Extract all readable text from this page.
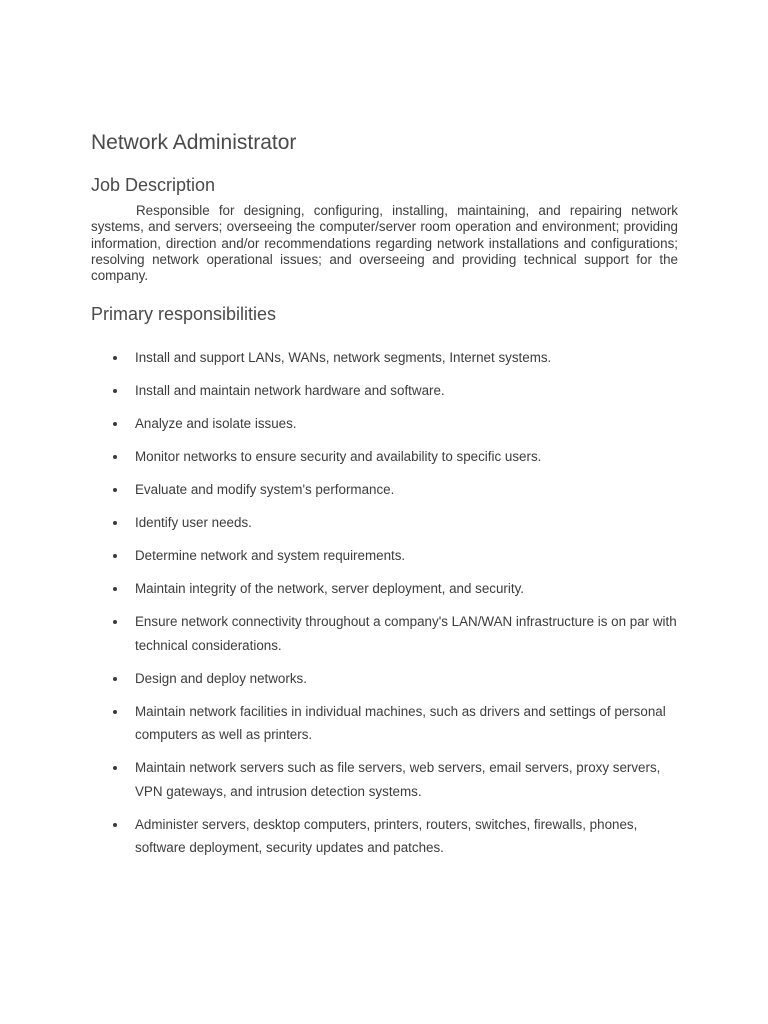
Network Administrator
Job Description

Responsible for designing, configuring, installing, maintaining, and repairing network systems, and servers; overseeing the computer/server room operation and environment; providing information, direction and/or recommendations regarding network installations and configurations; resolving network operational issues; and overseeing and providing technical support for the company.

Primary responsibilities
Install and support LANs, WANs, network segments, Internet systems.
Install and maintain network hardware and software.
Analyze and isolate issues.
Monitor networks to ensure security and availability to specific users.
Evaluate and modify system's performance.
Identify user needs.
Determine network and system requirements.
Maintain integrity of the network, server deployment, and security.
Ensure network connectivity throughout a company's LAN/WAN infrastructure is on par with technical considerations.
Design and deploy networks.
Maintain network facilities in individual machines, such as drivers and settings of personal computers as well as printers.
Maintain network servers such as file servers, web servers, email servers, proxy servers, VPN gateways, and intrusion detection systems.
Administer servers, desktop computers, printers, routers, switches, firewalls, phones, software deployment, security updates and patches.
